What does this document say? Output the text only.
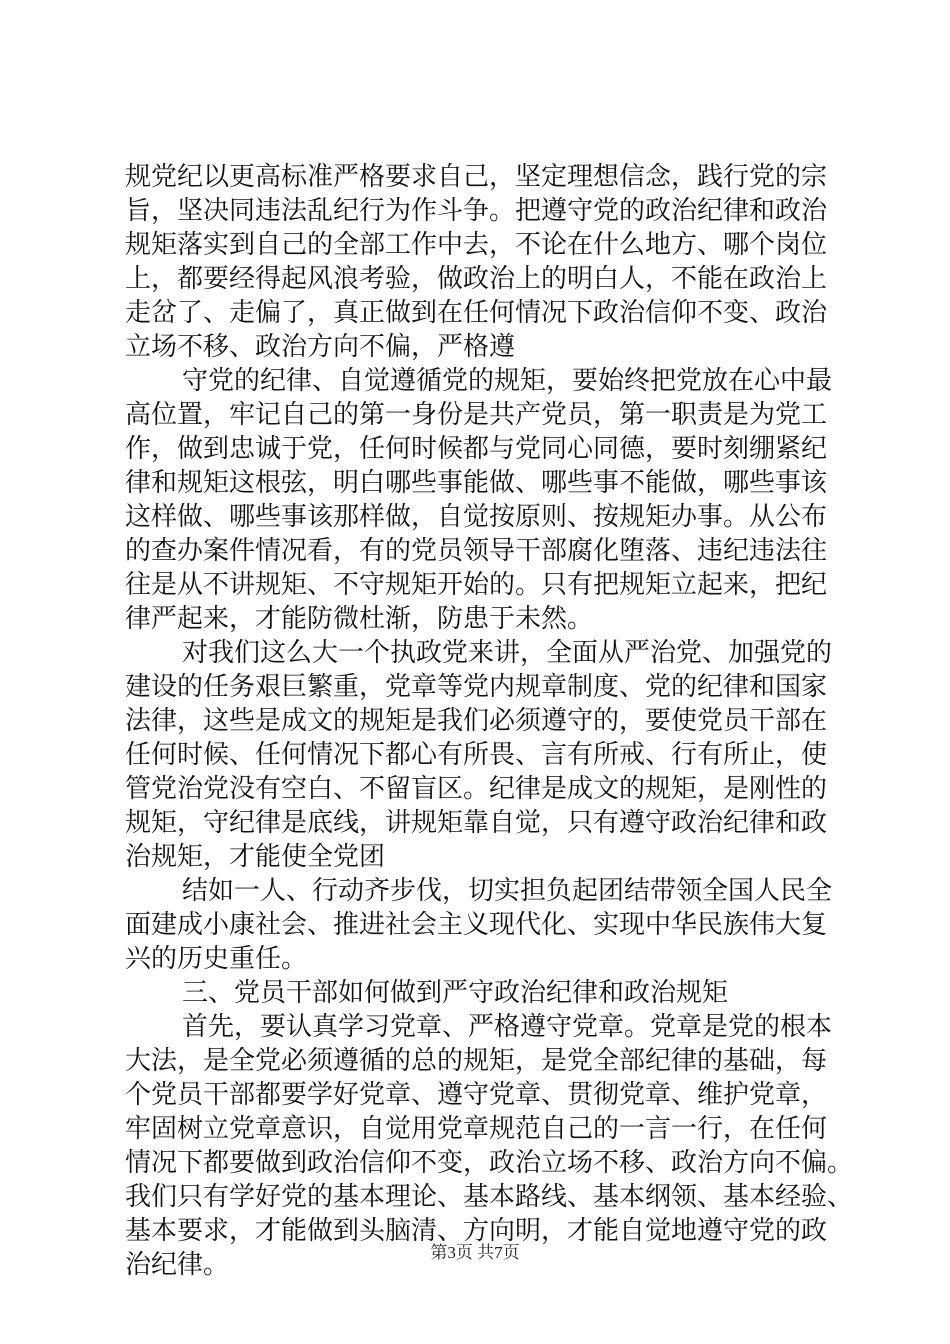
规党纪以更高标准严格要求自己，坚定理想信念，践行党的宗
旨，坚决同违法乱纪行为作斗争。把遵守党的政治纪律和政治
规矩落实到自己的全部工作中去，不论在什么地方、哪个岗位
上，都要经得起风浪考验，做政治上的明白人，不能在政治上
走岔了、走偏了，真正做到在任何情况下政治信仰不变、政治
立场不移、政治方向不偏，严格遵
守党的纪律、自觉遵循党的规矩，要始终把党放在心中最
高位置，牢记自己的第一身份是共产党员，第一职责是为党工
作，做到忠诚于党，任何时候都与党同心同德，要时刻绷紧纪
律和规矩这根弦，明白哪些事能做、哪些事不能做，哪些事该
这样做、哪些事该那样做，自觉按原则、按规矩办事。从公布
的查办案件情况看，有的党员领导干部腐化堕落、违纪违法往
往是从不讲规矩、不守规矩开始的。只有把规矩立起来，把纪
律严起来，才能防微杜渐，防患于未然。
对我们这么大一个执政党来讲，全面从严治党、加强党的
建设的任务艰巨繁重，党章等党内规章制度、党的纪律和国家
法律，这些是成文的规矩是我们必须遵守的，要使党员干部在
任何时候、任何情况下都心有所畏、言有所戒、行有所止，使
管党治党没有空白、不留盲区。纪律是成文的规矩，是刚性的
规矩，守纪律是底线，讲规矩靠自觉，只有遵守政治纪律和政
治规矩，才能使全党团
结如一人、行动齐步伐，切实担负起团结带领全国人民全
面建成小康社会、推进社会主义现代化、实现中华民族伟大复
兴的历史重任。
三、党员干部如何做到严守政治纪律和政治规矩
首先，要认真学习党章、严格遵守党章。党章是党的根本
大法，是全党必须遵循的总的规矩，是党全部纪律的基础，每
个党员干部都要学好党章、遵守党章、贯彻党章、维护党章，
牢固树立党章意识，自觉用党章规范自己的一言一行，在任何
情况下都要做到政治信仰不变，政治立场不移、政治方向不偏。
我们只有学好党的基本理论、基本路线、基本纲领、基本经验、
基本要求，才能做到头脑清、方向明，才能自觉地遵守党的政
治纪律。	第3页 共7页
